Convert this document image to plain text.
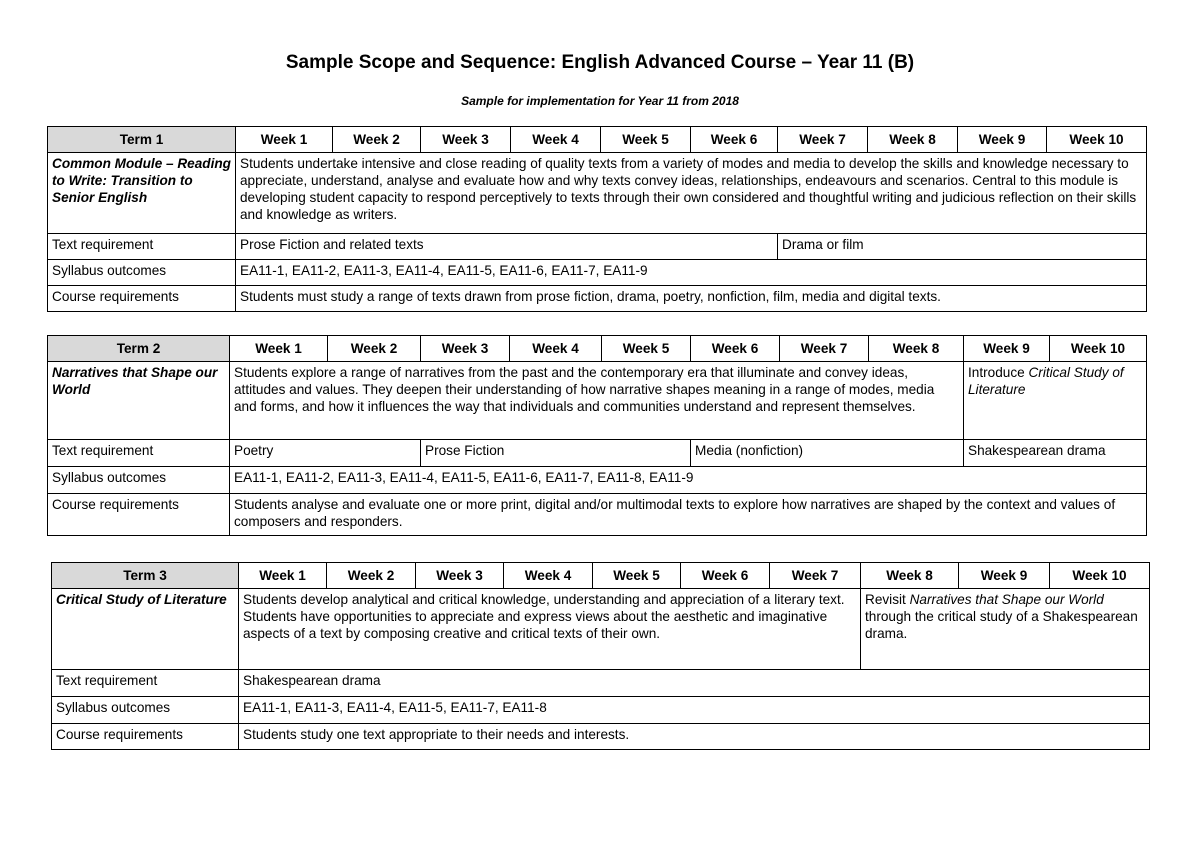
Sample Scope and Sequence: English Advanced Course – Year 11 (B)
Sample for implementation for Year 11 from 2018
Term 1	Week 1	Week 2	Week 3	Week 4	Week 5	Week 6	Week 7	Week 8	Week 9	Week 10
Common Module – Reading to Write: Transition to Senior English	Students undertake intensive and close reading of quality texts from a variety of modes and media to develop the skills and knowledge necessary to appreciate, understand, analyse and evaluate how and why texts convey ideas, relationships, endeavours and scenarios. Central to this module is developing student capacity to respond perceptively to texts through their own considered and thoughtful writing and judicious reflection on their skills and knowledge as writers.									
Text requirement	Prose Fiction and related texts						Drama or film			
Syllabus outcomes	EA11-1, EA11-2, EA11-3, EA11-4, EA11-5, EA11-6, EA11-7, EA11-9									
Course requirements	Students must study a range of texts drawn from prose fiction, drama, poetry, nonfiction, film, media and digital texts.									
Term 2	Week 1	Week 2	Week 3	Week 4	Week 5	Week 6	Week 7	Week 8	Week 9	Week 10
Narratives that Shape our World	Students explore a range of narratives from the past and the contemporary era that illuminate and convey ideas, attitudes and values. They deepen their understanding of how narrative shapes meaning in a range of modes, media and forms, and how it influences the way that individuals and communities understand and represent themselves.								Introduce Critical Study of Literature	
Text requirement	Poetry		Prose Fiction			Media (nonfiction)			Shakespearean drama	
Syllabus outcomes	EA11-1, EA11-2, EA11-3, EA11-4, EA11-5, EA11-6, EA11-7, EA11-8, EA11-9									
Course requirements	Students analyse and evaluate one or more print, digital and/or multimodal texts to explore how narratives are shaped by the context and values of composers and responders.									
Term 3	Week 1	Week 2	Week 3	Week 4	Week 5	Week 6	Week 7	Week 8	Week 9	Week 10
Critical Study of Literature	Students develop analytical and critical knowledge, understanding and appreciation of a literary text. Students have opportunities to appreciate and express views about the aesthetic and imaginative aspects of a text by composing creative and critical texts of their own.							Revisit Narratives that Shape our World through the critical study of a Shakespearean drama.		
Text requirement	Shakespearean drama									
Syllabus outcomes	EA11-1, EA11-3, EA11-4, EA11-5, EA11-7, EA11-8									
Course requirements	Students study one text appropriate to their needs and interests.									
